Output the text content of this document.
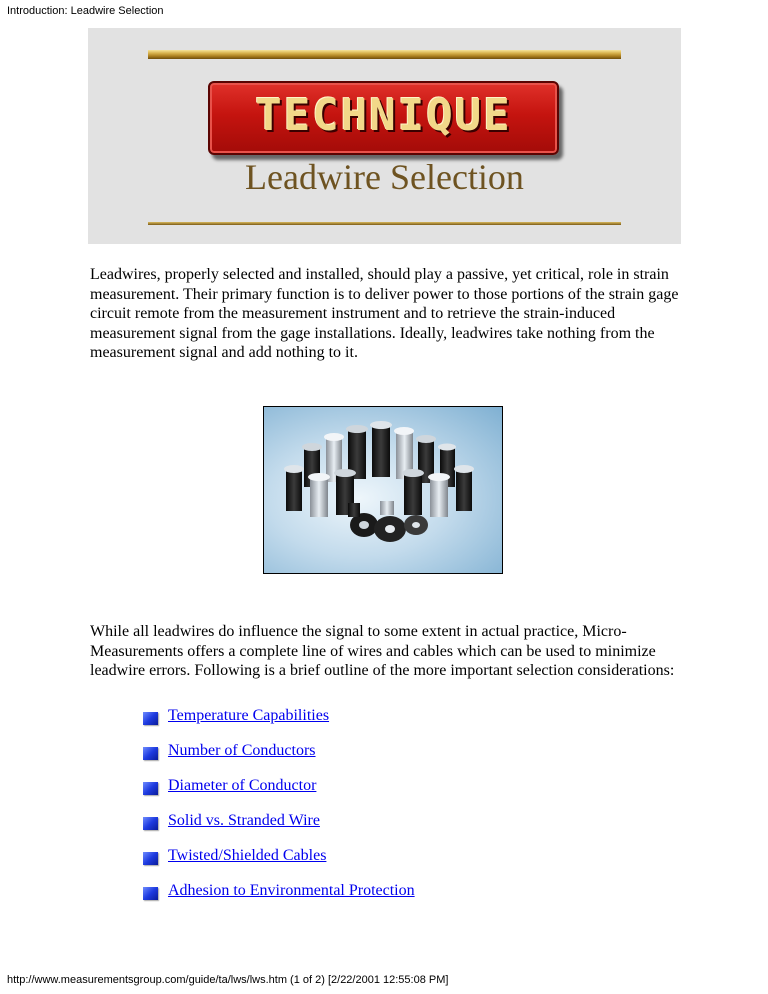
Introduction: Leadwire Selection
TECHNIQUE
Leadwire Selection

Leadwires, properly selected and installed, should play a passive, yet critical, role in strain measurement. Their primary function is to deliver power to those portions of the strain gage circuit remote from the measurement instrument and to retrieve the strain-induced measurement signal from the gage installations. Ideally, leadwires take nothing from the measurement signal and add nothing to it.

While all leadwires do influence the signal to some extent in actual practice, Micro-Measurements offers a complete line of wires and cables which can be used to minimize leadwire errors. Following is a brief outline of the more important selection considerations:

Temperature Capabilities
Number of Conductors
Diameter of Conductor
Solid vs. Stranded Wire
Twisted/Shielded Cables
Adhesion to Environmental Protection
http://www.measurementsgroup.com/guide/ta/lws/lws.htm (1 of 2) [2/22/2001 12:55:08 PM]
